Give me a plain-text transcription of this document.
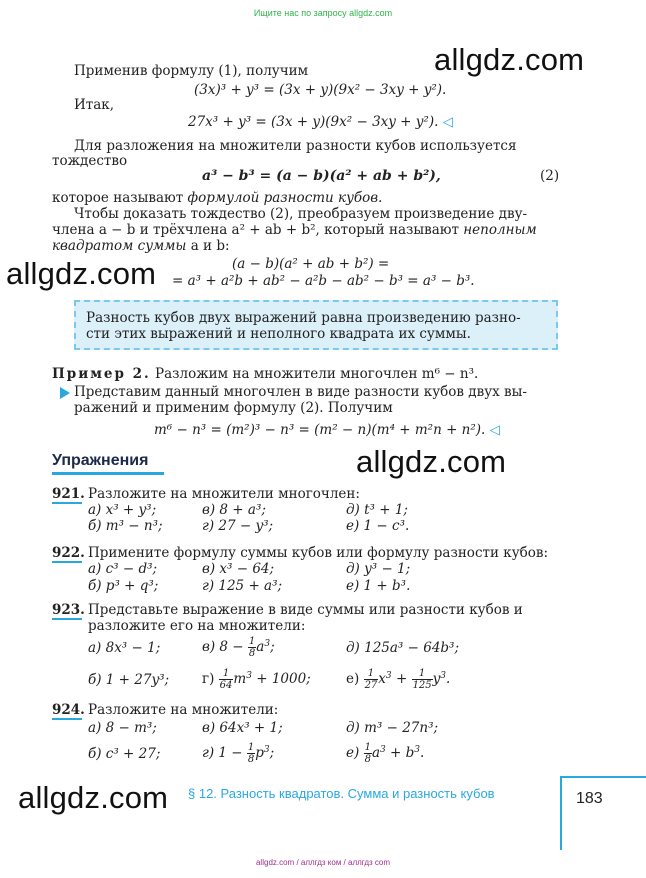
Ищите нас по запросу allgdz.com
allgdz.com
allgdz.com
allgdz.com
allgdz.com
Применив формулу (1), получим
(3x)³ + y³ = (3x + y)(9x² − 3xy + y²).
Итак,
27x³ + y³ = (3x + y)(9x² − 3xy + y²). ◁
Для разложения на множители разности кубов используется
тождество
a³ − b³ = (a − b)(a² + ab + b²),	(2)
которое называют формулой разности кубов.
Чтобы доказать тождество (2), преобразуем произведение дву-
члена a − b и трёхчлена a² + ab + b², который называют неполным
квадратом суммы a и b:
(a − b)(a² + ab + b²) =
= a³ + a²b + ab² − a²b − ab² − b³ = a³ − b³.
Разность кубов двух выражений равна произведению разно-
сти этих выражений и неполного квадрата их суммы.
Пример 2. Разложим на множители многочлен m⁶ − n³.
Представим данный многочлен в виде разности кубов двух вы-
ражений и применим формулу (2). Получим
m⁶ − n³ = (m²)³ − n³ = (m² − n)(m⁴ + m²n + n²). ◁
Упражнения
921. Разложите на множители многочлен:
а) x³ + y³;	в) 8 + a³;	д) t³ + 1;
б) m³ − n³;	г) 27 − y³;	е) 1 − c³.
922. Примените формулу суммы кубов или формулу разности кубов:
а) c³ − d³;	в) x³ − 64;	д) y³ − 1;
б) p³ + q³;	г) 125 + a³;	е) 1 + b³.
923. Представьте выражение в виде суммы или разности кубов и
разложите его на множители:
а) 8x³ − 1;	в) $8 - \frac{1}{8} a^3$;	д) 125a³ − 64b³;
б) 1 + 27y³; $г) \frac{1}{64} m^3 + 1000$;	$е) \frac{1}{27} x^3 + \frac{1}{125} y^3$.
924. Разложите на множители:
а) 8 − m³;	в) 64x³ + 1;	д) m³ − 27n³;
б) c³ + 27;	г) $1 - \frac{1}{8} p^3$;	$е) \frac{1}{8} a^3 + b^3$.
§ 12. Разность квадратов. Сумма и разность кубов	183
allgdz.com / аллгдз ком / аллгдз com
